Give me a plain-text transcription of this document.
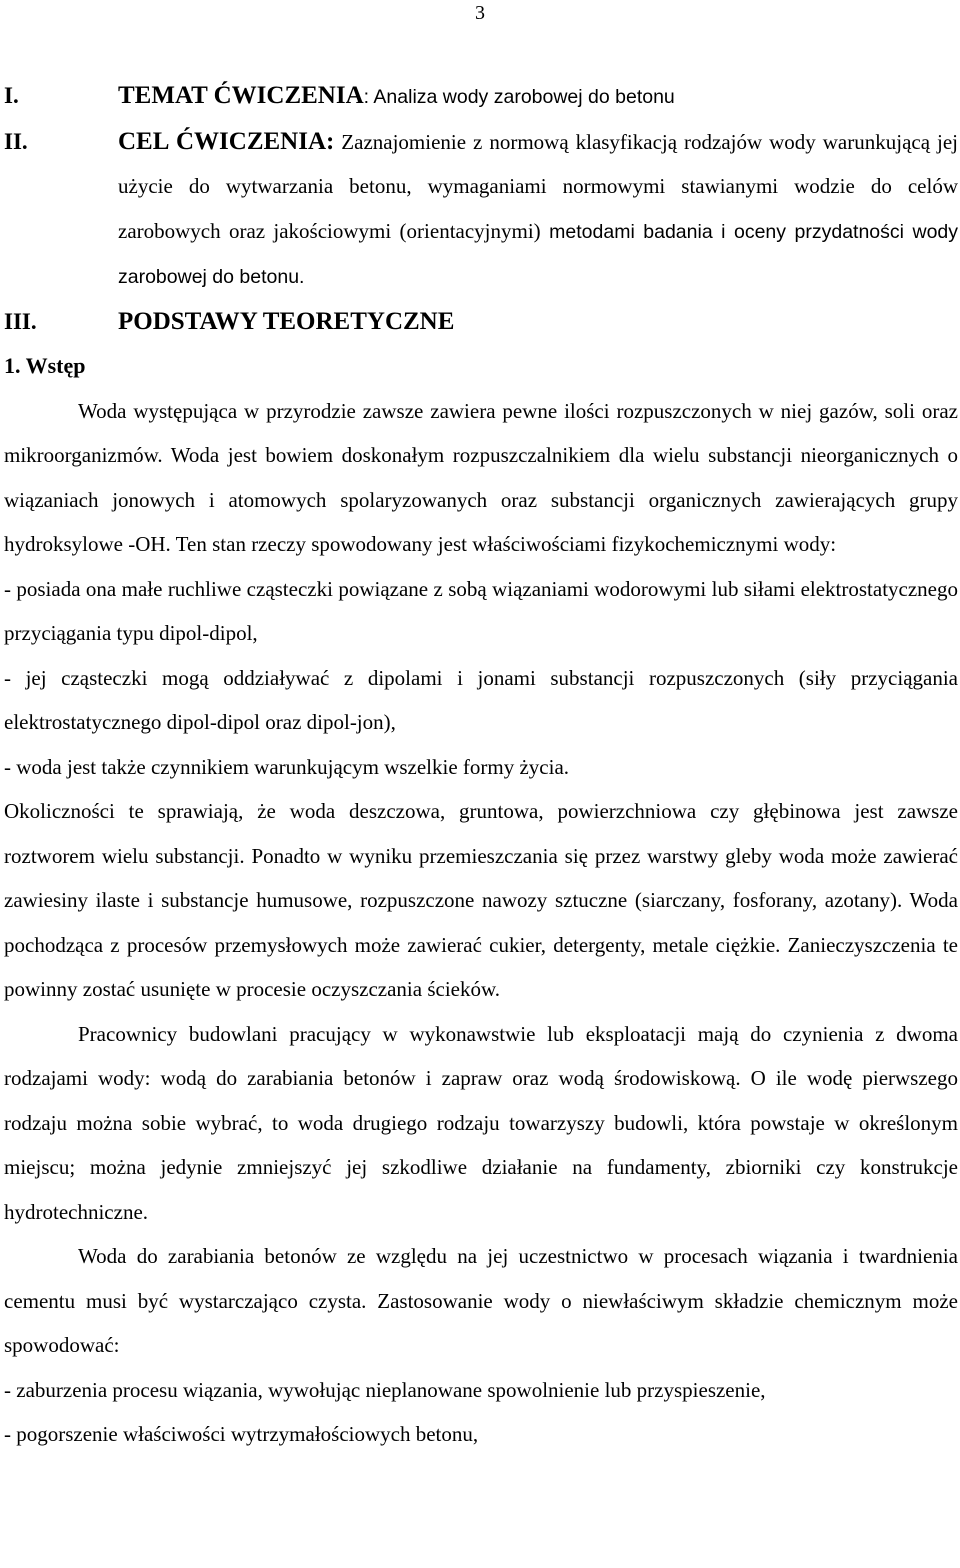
3
I.	TEMAT ĆWICZENIA: Analiza wody zarobowej do betonu
II.	CEL ĆWICZENIA: Zaznajomienie z normową klasyfikacją rodzajów wody warunkującą jej użycie do wytwarzania betonu, wymaganiami normowymi stawianymi wodzie do celów zarobowych oraz jakościowymi (orientacyjnymi) metodami badania i oceny przydatności wody zarobowej do betonu.
III.	PODSTAWY TEORETYCZNE
1. Wstęp

Woda występująca w przyrodzie zawsze zawiera pewne ilości rozpuszczonych w niej gazów, soli oraz mikroorganizmów. Woda jest bowiem doskonałym rozpuszczalnikiem dla wielu substancji nieorganicznych o wiązaniach jonowych i atomowych spolaryzowanych oraz substancji organicznych zawierających grupy hydroksylowe -OH. Ten stan rzeczy spowodowany jest właściwościami fizykochemicznymi wody:

- posiada ona małe ruchliwe cząsteczki powiązane z sobą wiązaniami wodorowymi lub siłami elektrostatycznego przyciągania typu dipol-dipol,

- jej cząsteczki mogą oddziaływać z dipolami i jonami substancji rozpuszczonych (siły przyciągania elektrostatycznego dipol-dipol oraz dipol-jon),

- woda jest także czynnikiem warunkującym wszelkie formy życia.

Okoliczności te sprawiają, że woda deszczowa, gruntowa, powierzchniowa czy głębinowa jest zawsze roztworem wielu substancji. Ponadto w wyniku przemieszczania się przez warstwy gleby woda może zawierać zawiesiny ilaste i substancje humusowe, rozpuszczone nawozy sztuczne (siarczany, fosforany, azotany). Woda pochodząca z procesów przemysłowych może zawierać cukier, detergenty, metale ciężkie. Zanieczyszczenia te powinny zostać usunięte w procesie oczyszczania ścieków.

Pracownicy budowlani pracujący w wykonawstwie lub eksploatacji mają do czynienia z dwoma rodzajami wody: wodą do zarabiania betonów i zapraw oraz wodą środowiskową. O ile wodę pierwszego rodzaju można sobie wybrać, to woda drugiego rodzaju towarzyszy budowli, która powstaje w określonym miejscu; można jedynie zmniejszyć jej szkodliwe działanie na fundamenty, zbiorniki czy konstrukcje hydrotechniczne.

Woda do zarabiania betonów ze względu na jej uczestnictwo w procesach wiązania i twardnienia cementu musi być wystarczająco czysta. Zastosowanie wody o niewłaściwym składzie chemicznym może spowodować:

- zaburzenia procesu wiązania, wywołując nieplanowane spowolnienie lub przyspieszenie,

- pogorszenie właściwości wytrzymałościowych betonu,
